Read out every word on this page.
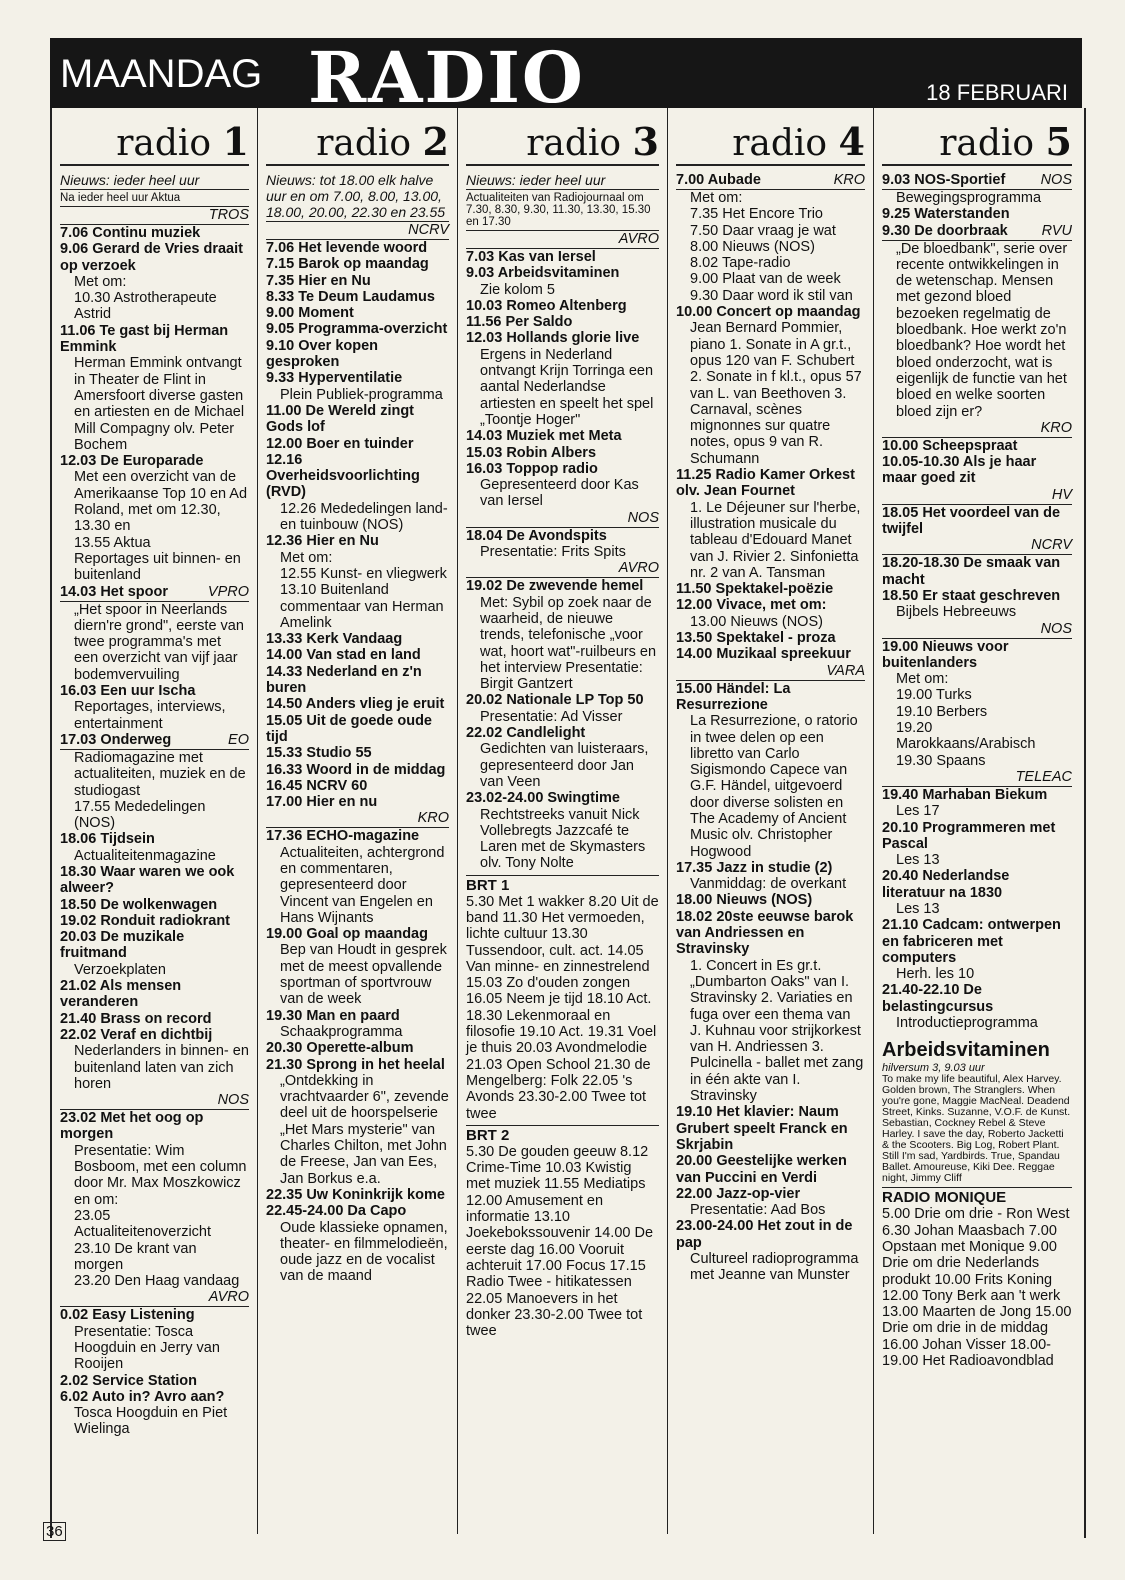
MAANDAG RADIO	18 FEBRUARI
radio 1
Nieuws: ieder heel uur
Na ieder heel uur Aktua
TROS
7.06 Continu muziek
9.06 Gerard de Vries draait op verzoek
Met om:
10.30 Astrotherapeute Astrid
11.06 Te gast bij Herman Emmink
Herman Emmink ontvangt in Theater de Flint in Amersfoort diverse gasten en artiesten en de Michael Mill Compagny olv. Peter Bochem
12.03 De Europarade
Met een overzicht van de Amerikaanse Top 10 en Ad Roland, met om 12.30, 13.30 en
13.55 Aktua
Reportages uit binnen- en buitenland
14.03 Het spoor	VPRO
„Het spoor in Neerlands diern're grond", eerste van twee programma's met een overzicht van vijf jaar bodemvervuiling
16.03 Een uur Ischa
Reportages, interviews, entertainment
17.03 Onderweg	EO
Radiomagazine met actualiteiten, muziek en de studiogast
17.55 Mededelingen (NOS)
18.06 Tijdsein
Actualiteitenmagazine
18.30 Waar waren we ook alweer?
18.50 De wolkenwagen
19.02 Ronduit radiokrant
20.03 De muzikale fruitmand
Verzoekplaten
21.02 Als mensen veranderen
21.40 Brass on record
22.02 Veraf en dichtbij
Nederlanders in binnen- en buitenland laten van zich horen
NOS
23.02 Met het oog op morgen
Presentatie: Wim Bosboom, met een column door Mr. Max Moszkowicz en om:
23.05 Actualiteitenoverzicht
23.10 De krant van morgen
23.20 Den Haag vandaag
AVRO
0.02 Easy Listening
Presentatie: Tosca Hoogduin en Jerry van Rooijen
2.02 Service Station
6.02 Auto in? Avro aan?
Tosca Hoogduin en Piet Wielinga
radio 2
Nieuws: tot 18.00 elk halve uur en om 7.00, 8.00, 13.00, 18.00, 20.00, 22.30 en 23.55
NCRV
7.06 Het levende woord
7.15 Barok op maandag
7.35 Hier en Nu
8.33 Te Deum Laudamus
9.00 Moment
9.05 Programma-overzicht
9.10 Over kopen gesproken
9.33 Hyperventilatie
Plein Publiek-programma
11.00 De Wereld zingt Gods lof
12.00 Boer en tuinder
12.16 Overheidsvoorlichting (RVD)
12.26 Mededelingen land- en tuinbouw (NOS)
12.36 Hier en Nu
Met om:
12.55 Kunst- en vliegwerk
13.10 Buitenland commentaar van Herman Amelink
13.33 Kerk Vandaag
14.00 Van stad en land
14.33 Nederland en z'n buren
14.50 Anders vlieg je eruit
15.05 Uit de goede oude tijd
15.33 Studio 55
16.33 Woord in de middag
16.45 NCRV 60
17.00 Hier en nu
KRO
17.36 ECHO-magazine
Actualiteiten, achtergrond en commentaren, gepresenteerd door Vincent van Engelen en Hans Wijnants
19.00 Goal op maandag
Bep van Houdt in gesprek met de meest opvallende sportman of sportvrouw van de week
19.30 Man en paard
Schaakprogramma
20.30 Operette-album
21.30 Sprong in het heelal
„Ontdekking in vrachtvaarder 6", zevende deel uit de hoorspelserie „Het Mars mysterie" van Charles Chilton, met John de Freese, Jan van Ees, Jan Borkus e.a.
22.35 Uw Koninkrijk kome
22.45-24.00 Da Capo
Oude klassieke opnamen, theater- en filmmelodieën, oude jazz en de vocalist van de maand
radio 3
Nieuws: ieder heel uur
Actualiteiten van Radiojournaal om 7.30, 8.30, 9.30, 11.30, 13.30, 15.30 en 17.30
AVRO
7.03 Kas van Iersel
9.03 Arbeidsvitaminen
Zie kolom 5
10.03 Romeo Altenberg
11.56 Per Saldo
12.03 Hollands glorie live
Ergens in Nederland ontvangt Krijn Torringa een aantal Nederlandse artiesten en speelt het spel „Toontje Hoger"
14.03 Muziek met Meta
15.03 Robin Albers
16.03 Toppop radio
Gepresenteerd door Kas van Iersel
NOS
18.04 De Avondspits
Presentatie: Frits Spits
AVRO
19.02 De zwevende hemel
Met: Sybil op zoek naar de waarheid, de nieuwe trends, telefonische „voor wat, hoort wat"-ruilbeurs en het interview Presentatie: Birgit Gantzert
20.02 Nationale LP Top 50
Presentatie: Ad Visser
22.02 Candlelight
Gedichten van luisteraars, gepresenteerd door Jan van Veen
23.02-24.00 Swingtime
Rechtstreeks vanuit Nick Vollebregts Jazzcafé te Laren met de Skymasters olv. Tony Nolte
BRT 1
5.30 Met 1 wakker 8.20 Uit de band 11.30 Het vermoeden, lichte cultuur 13.30 Tussendoor, cult. act. 14.05 Van minne- en zinnestrelend 15.03 Zo d'ouden zongen 16.05 Neem je tijd 18.10 Act. 18.30 Lekenmoraal en filosofie 19.10 Act. 19.31 Voel je thuis 20.03 Avondmelodie 21.03 Open School 21.30 de Mengelberg: Folk 22.05 's Avonds 23.30-2.00 Twee tot twee
BRT 2
5.30 De gouden geeuw 8.12 Crime-Time 10.03 Kwistig met muziek 11.55 Mediatips 12.00 Amusement en informatie 13.10 Joekebokssouvenir 14.00 De eerste dag 16.00 Vooruit achteruit 17.00 Focus 17.15 Radio Twee - hitikatessen 22.05 Manoevers in het donker 23.30-2.00 Twee tot twee
radio 4
7.00 Aubade	KRO
Met om:
7.35 Het Encore Trio
7.50 Daar vraag je wat
8.00 Nieuws (NOS)
8.02 Tape-radio
9.00 Plaat van de week
9.30 Daar word ik stil van
10.00 Concert op maandag
Jean Bernard Pommier, piano 1. Sonate in A gr.t., opus 120 van F. Schubert 2. Sonate in f kl.t., opus 57 van L. van Beethoven 3. Carnaval, scènes mignonnes sur quatre notes, opus 9 van R. Schumann
11.25 Radio Kamer Orkest olv. Jean Fournet
1. Le Déjeuner sur l'herbe, illustration musicale du tableau d'Edouard Manet van J. Rivier 2. Sinfonietta nr. 2 van A. Tansman
11.50 Spektakel-poëzie
12.00 Vivace, met om:
13.00 Nieuws (NOS)
13.50 Spektakel - proza
14.00 Muzikaal spreekuur
VARA
15.00 Händel: La Resurrezione
La Resurrezione, o ratorio in twee delen op een libretto van Carlo Sigismondo Capece van G.F. Händel, uitgevoerd door diverse solisten en The Academy of Ancient Music olv. Christopher Hogwood
17.35 Jazz in studie (2)
Vanmiddag: de overkant
18.00 Nieuws (NOS)
18.02 20ste eeuwse barok van Andriessen en Stravinsky
1. Concert in Es gr.t. „Dumbarton Oaks" van I. Stravinsky 2. Variaties en fuga over een thema van J. Kuhnau voor strijkorkest van H. Andriessen 3. Pulcinella - ballet met zang in één akte van I. Stravinsky
19.10 Het klavier: Naum Grubert speelt Franck en Skrjabin
20.00 Geestelijke werken van Puccini en Verdi
22.00 Jazz-op-vier
Presentatie: Aad Bos
23.00-24.00 Het zout in de pap
Cultureel radioprogramma met Jeanne van Munster
radio 5
9.03 NOS-Sportief NOS
Bewegingsprogramma
9.25 Waterstanden
9.30 De doorbraak RVU
„De bloedbank", serie over recente ontwikkelingen in de wetenschap. Mensen met gezond bloed bezoeken regelmatig de bloedbank. Hoe werkt zo'n bloedbank? Hoe wordt het bloed onderzocht, wat is eigenlijk de functie van het bloed en welke soorten bloed zijn er?
KRO
10.00 Scheepspraat
10.05-10.30 Als je haar maar goed zit
HV
18.05 Het voordeel van de twijfel
NCRV
18.20-18.30 De smaak van macht
18.50 Er staat geschreven
Bijbels Hebreeuws
NOS
19.00 Nieuws voor buitenlanders
Met om:
19.00 Turks
19.10 Berbers
19.20 Marokkaans/Arabisch
19.30 Spaans
TELEAC
19.40 Marhaban Biekum
Les 17
20.10 Programmeren met Pascal
Les 13
20.40 Nederlandse literatuur na 1830
Les 13
21.10 Cadcam: ontwerpen en fabriceren met computers
Herh. les 10
21.40-22.10 De belastingcursus
Introductieprogramma
Arbeidsvitaminen
hilversum 3, 9.03 uur
To make my life beautiful, Alex Harvey. Golden brown, The Stranglers. When you're gone, Maggie MacNeal. Deadend Street, Kinks. Suzanne, V.O.F. de Kunst. Sebastian, Cockney Rebel & Steve Harley. I save the day, Roberto Jacketti & the Scooters. Big Log, Robert Plant. Still I'm sad, Yardbirds. True, Spandau Ballet. Amoureuse, Kiki Dee. Reggae night, Jimmy Cliff
RADIO MONIQUE
5.00 Drie om drie - Ron West 6.30 Johan Maasbach 7.00 Opstaan met Monique 9.00 Drie om drie Nederlands produkt 10.00 Frits Koning 12.00 Tony Berk aan 't werk 13.00 Maarten de Jong 15.00 Drie om drie in de middag 16.00 Johan Visser 18.00-19.00 Het Radioavondblad
36
